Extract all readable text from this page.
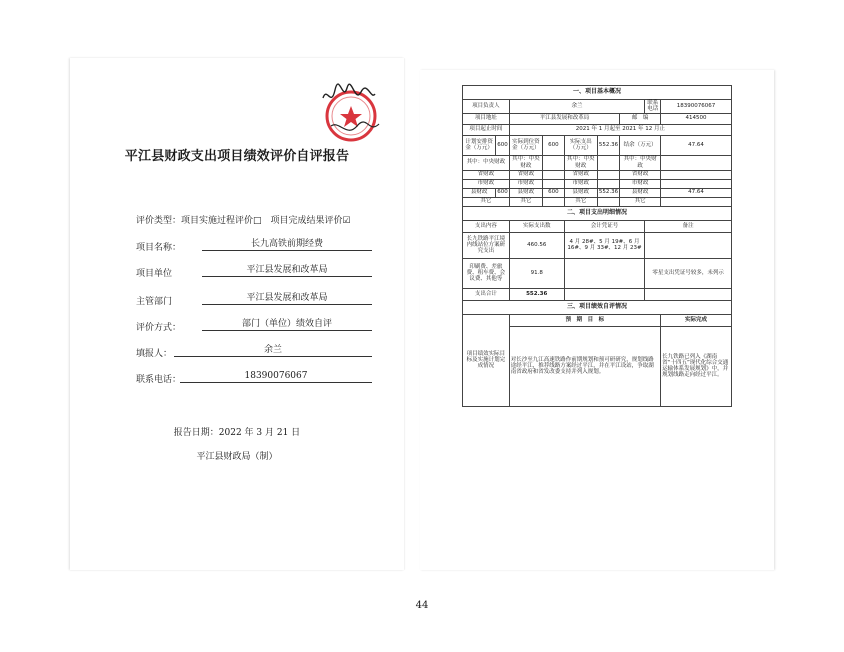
平江县财政支出项目绩效评价自评报告
评价类型：项目实施过程评价□　项目完成结果评价☑
项目名称：	长九高铁前期经费
项目单位	平江县发展和改革局
主管部门	平江县发展和改革局
评价方式：	部门（单位）绩效自评
填报人：	余兰
联系电话：	18390076067
报告日期：2022 年 3 月 21 日
平江县财政局（制）
一、项目基本概况								
项目负责人		余兰					联系电话	18390076067
项目地址		平江县发展和改革局				邮　编		414500
项目起止时间		2021 年 1 月起至 2021 年 12 月止						
计划安排资金（万元）	600	实际到位资金（万元）	600	实际支出（万元）	552.36	结余（万元）		47.64
其中：中央财政		其中：中央财政		其中：中央财政		其中：中央财政		
省财政		省财政		省财政		省财政		
市财政		市财政		市财政		市财政		
县财政	600	县财政	600	县财政	552.36	县财政		47.64
其它		其它		其它		其它		
二、项目支出明细情况								
支出内容		实际支出数		会计凭证号			备注	
长九铁路平江境内线站位方案研究支出		460.56		4 月 28#、5 月 19#、6 月 16#、9 月 33#、12 月 23#				
印刷费、差旅费、租车费、会议费、其他等		91.8					零星支出凭证号较多，未列示	
支出合计		552.36						
三、项目绩效自评情况								
项目绩效实际目标及实施计划完成情况		预　期　目　标						实际完成
		对长沙至九江高速铁路作前期规划和预可研研究，规划线路途经平江，推荐线路方案经过平江，并在平江设站，争取湖南省政府和省发改委支持并列入规划。						长九铁路已列入《湖南省“十四五”现代化综合交通运输体系发展规划》中，并规划线路走向经过平江。
44
